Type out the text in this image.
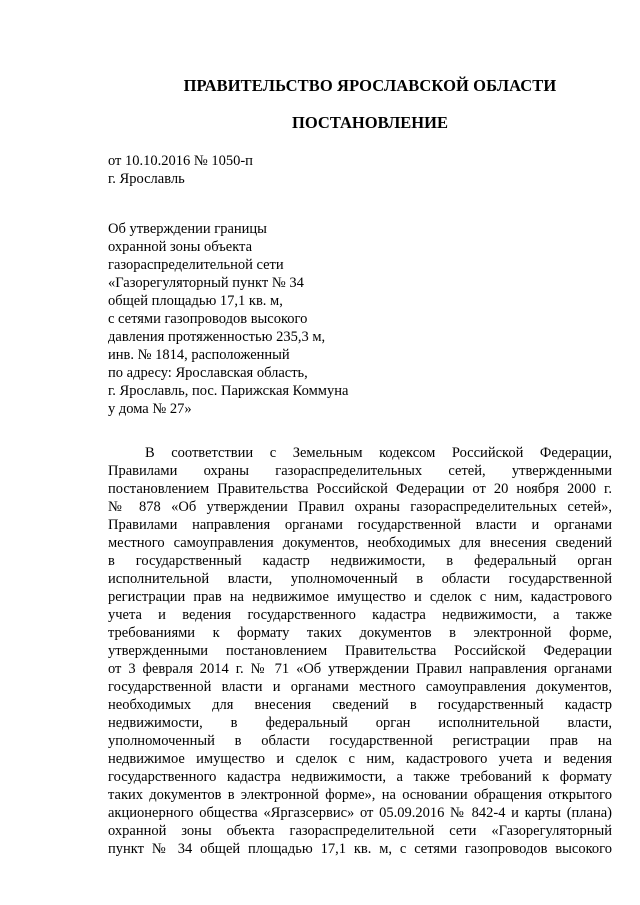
ПРАВИТЕЛЬСТВО ЯРОСЛАВСКОЙ ОБЛАСТИ
ПОСТАНОВЛЕНИЕ
от 10.10.2016 № 1050-п
г. Ярославль
Об утверждении границы
охранной зоны объекта
газораспределительной сети
«Газорегуляторный пункт № 34
общей площадью 17,1 кв. м,
с сетями газопроводов высокого
давления протяженностью 235,3 м,
инв. № 1814, расположенный
по адресу: Ярославская область,
г. Ярославль, пос. Парижская Коммуна
у дома № 27»
В соответствии с Земельным кодексом Российской Федерации,
Правилами охраны газораспределительных сетей, утвержденными
постановлением Правительства Российской Федерации от 20 ноября 2000 г.
№ 878 «Об утверждении Правил охраны газораспределительных сетей»,
Правилами направления органами государственной власти и органами
местного самоуправления документов, необходимых для внесения сведений
в государственный кадастр недвижимости, в федеральный орган
исполнительной власти, уполномоченный в области государственной
регистрации прав на недвижимое имущество и сделок с ним, кадастрового
учета и ведения государственного кадастра недвижимости, а также
требованиями к формату таких документов в электронной форме,
утвержденными постановлением Правительства Российской Федерации
от 3 февраля 2014 г. № 71 «Об утверждении Правил направления органами
государственной власти и органами местного самоуправления документов,
необходимых для внесения сведений в государственный кадастр
недвижимости, в федеральный орган исполнительной власти,
уполномоченный в области государственной регистрации прав на
недвижимое имущество и сделок с ним, кадастрового учета и ведения
государственного кадастра недвижимости, а также требований к формату
таких документов в электронной форме», на основании обращения открытого
акционерного общества «Яргазсервис» от 05.09.2016 № 842-4 и карты (плана)
охранной зоны объекта газораспределительной сети «Газорегуляторный
пункт № 34 общей площадью 17,1 кв. м, с сетями газопроводов высокого
